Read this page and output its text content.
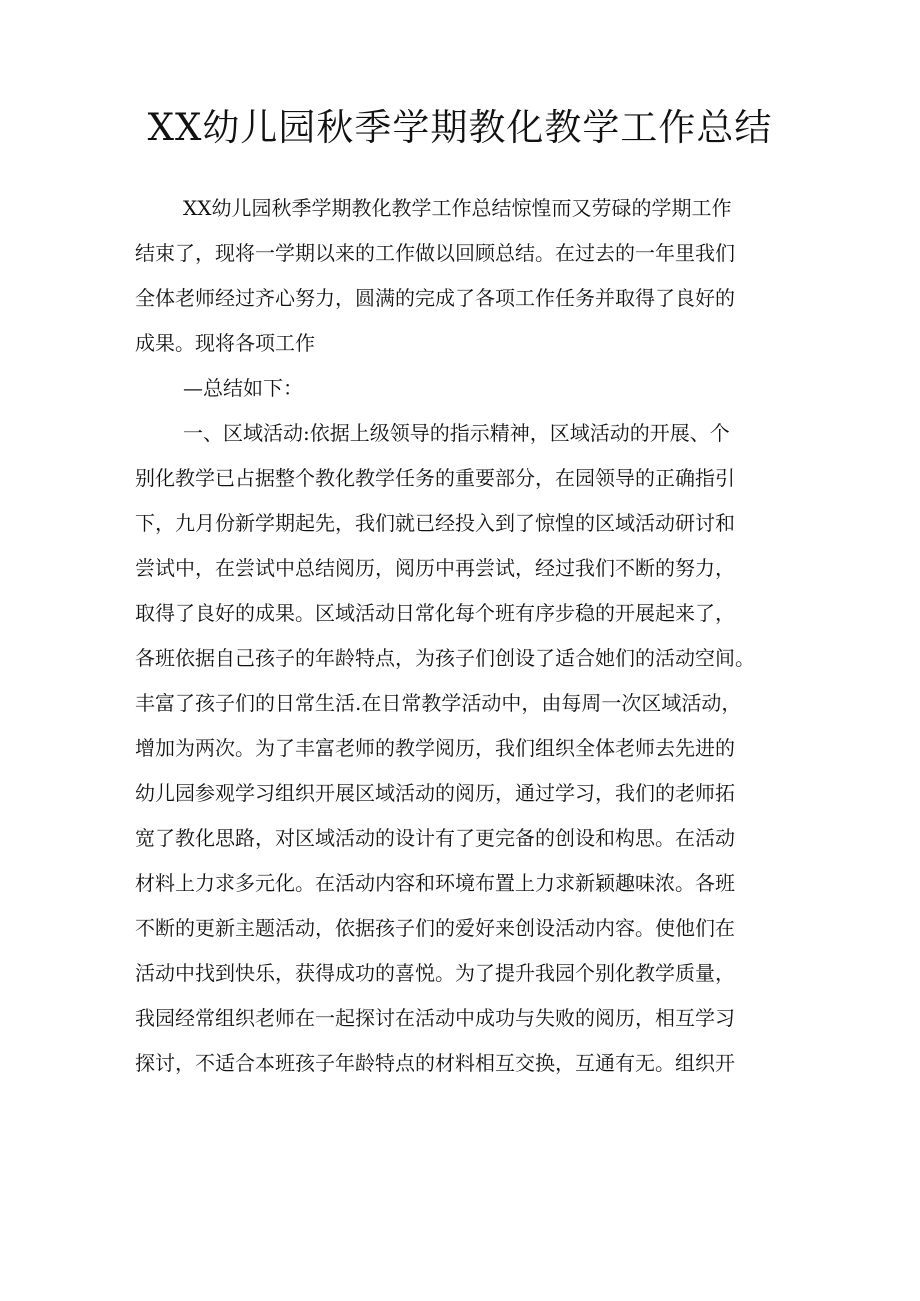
XX幼儿园秋季学期教化教学工作总结

XX幼儿园秋季学期教化教学工作总结惊惶而又劳碌的学期工作

结束了，现将一学期以来的工作做以回顾总结。在过去的一年里我们

全体老师经过齐心努力，圆满的完成了各项工作任务并取得了良好的

成果。现将各项工作

—总结如下：

一、区域活动:依据上级领导的指示精神，区域活动的开展、个

别化教学已占据整个教化教学任务的重要部分，在园领导的正确指引

下，九月份新学期起先，我们就已经投入到了惊惶的区域活动研讨和

尝试中，在尝试中总结阅历，阅历中再尝试，经过我们不断的努力，

取得了良好的成果。区域活动日常化每个班有序步稳的开展起来了，

各班依据自己孩子的年龄特点，为孩子们创设了适合她们的活动空间。

丰富了孩子们的日常生活.在日常教学活动中，由每周一次区域活动，

增加为两次。为了丰富老师的教学阅历，我们组织全体老师去先进的

幼儿园参观学习组织开展区域活动的阅历，通过学习，我们的老师拓

宽了教化思路，对区域活动的设计有了更完备的创设和构思。在活动

材料上力求多元化。在活动内容和环境布置上力求新颖趣味浓。各班

不断的更新主题活动，依据孩子们的爱好来创设活动内容。使他们在

活动中找到快乐，获得成功的喜悦。为了提升我园个别化教学质量，

我园经常组织老师在一起探讨在活动中成功与失败的阅历，相互学习

探讨，不适合本班孩子年龄特点的材料相互交换，互通有无。组织开
